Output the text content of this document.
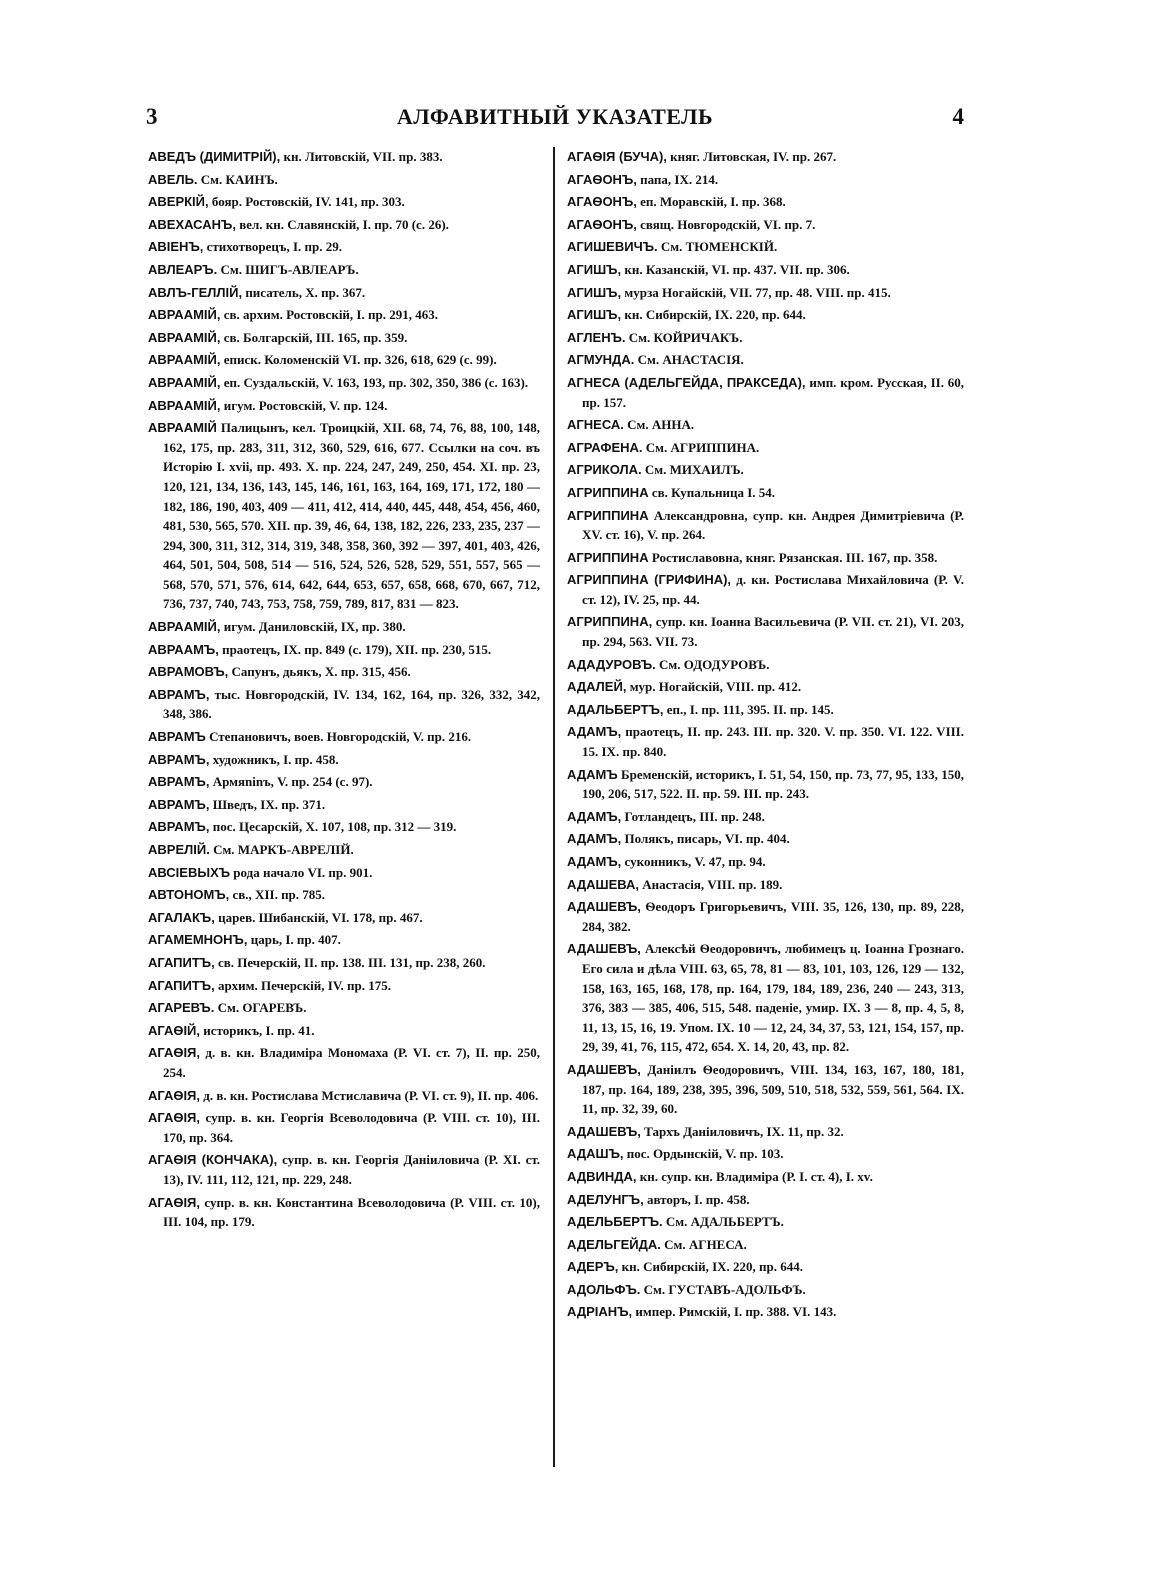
3	АЛФАВИТНЫЙ УКАЗАТЕЛЬ	4
АВЕДЪ (ДИМИТРІЙ), кн. Литовскій, VII. пр. 383.
АВЕЛЬ. См. КАИНЪ.
АВЕРКІЙ, бояр. Ростовскій, IV. 141, пр. 303.
АВЕХАСАНЪ, вел. кн. Славянскій, I. пр. 70 (с. 26).
АВІЕНЪ, стихотворецъ, I. пр. 29.
АВЛЕАРЪ. См. ШИГЪ-АВЛЕАРЪ.
АВЛЪ-ГЕЛЛІЙ, писатель, X. пр. 367.
АВРААМІЙ, св. архим. Ростовскій, I. пр. 291, 463.
АВРААМІЙ, св. Болгарскій, III. 165, пр. 359.
АВРААМІЙ, епиcк. Коломенскій VI. пр. 326, 618, 629 (с. 99).
АВРААМІЙ, еп. Суздальскій, V. 163, 193, пр. 302, 350, 386 (с. 163).
АВРААМІЙ, игум. Ростовскій, V. пр. 124.
АВРААМІЙ Палицынъ, кел. Троицкій, XII. 68, 74, 76, 88, 100, 148, 162, 175, пр. 283, 311, 312, 360, 529, 616, 677. Ссылки на соч. въ Исторію I. xvii, пр. 493. X. пр. 224, 247, 249, 250, 454. XI. пр. 23, 120, 121, 134, 136, 143, 145, 146, 161, 163, 164, 169, 171, 172, 180 — 182, 186, 190, 403, 409 — 411, 412, 414, 440, 445, 448, 454, 456, 460, 481, 530, 565, 570. XII. пр. 39, 46, 64, 138, 182, 226, 233, 235, 237 — 294, 300, 311, 312, 314, 319, 348, 358, 360, 392 — 397, 401, 403, 426, 464, 501, 504, 508, 514 — 516, 524, 526, 528, 529, 551, 557, 565 — 568, 570, 571, 576, 614, 642, 644, 653, 657, 658, 668, 670, 667, 712, 736, 737, 740, 743, 753, 758, 759, 789, 817, 831 — 823.
АВРААМІЙ, игум. Даниловскій, IX, пр. 380.
АВРААМЪ, праотецъ, IX. пр. 849 (с. 179), XII. пр. 230, 515.
АВРАМОВЪ, Сапунъ, дьякъ, X. пр. 315, 456.
АВРАМЪ, тыс. Новгородскій, IV. 134, 162, 164, пр. 326, 332, 342, 348, 386.
АВРАМЪ Степановичъ, воев. Новгородскій, V. пр. 216.
АВРАМЪ, художникъ, I. пр. 458.
АВРАМЪ, Армяninъ, V. пр. 254 (с. 97).
АВРАМЪ, Шведъ, IX. пр. 371.
АВРАМЪ, пос. Цесарскій, X. 107, 108, пр. 312 — 319.
АВРЕЛІЙ. См. МАРКЪ-АВРЕЛІЙ.
АВСІЕВЫХЪ рода начало VI. пр. 901.
АВТОНОМЪ, св., XII. пр. 785.
АГАЛАКЪ, царев. Шибанскій, VI. 178, пр. 467.
АГАМЕМНОНЪ, царь, I. пр. 407.
АГАПИТЪ, св. Печерскій, II. пр. 138. III. 131, пр. 238, 260.
АГАПИТЪ, архим. Печерскій, IV. пр. 175.
АГАРЕВЪ. См. ОГАРЕВЪ.
АГАѲІЙ, историкъ, I. пр. 41.
АГАѲІЯ, д. в. кн. Владиміра Мономаха (Р. VI. ст. 7), II. пр. 250, 254.
АГАѲІЯ, д. в. кн. Ростислава Мстиславича (Р. VI. ст. 9), II. пр. 406.
АГАѲІЯ, супр. в. кн. Георгія Всеволодовича (Р. VIII. ст. 10), III. 170, пр. 364.
АГАѲІЯ (КОНЧАКА), супр. в. кн. Георгія Даніиловича (Р. XI. ст. 13), IV. 111, 112, 121, пр. 229, 248.
АГАѲІЯ, супр. в. кн. Константина Всеволодовича (Р. VIII. ст. 10), III. 104, пр. 179.
АГАѲІЯ (БУЧА), княг. Литовская, IV. пр. 267.
АГАѲОНЪ, папа, IX. 214.
АГАѲОНЪ, еп. Моравскій, I. пр. 368.
АГАѲОНЪ, свящ. Новгородскій, VI. пр. 7.
АГИШЕВИЧЪ. См. ТЮМЕНСКІЙ.
АГИШЪ, кн. Казанскій, VI. пр. 437. VII. пр. 306.
АГИШЪ, мурза Ногайскій, VII. 77, пр. 48. VIII. пр. 415.
АГИШЪ, кн. Сибирскій, IX. 220, пр. 644.
АГЛЕНЪ. См. КОЙРИЧАКЪ.
АГМУНДА. См. АНАСТАСІЯ.
АГНЕСА (АДЕЛЬГЕЙДА, ПРАКСЕДА), имп. кром. Русская, II. 60, пр. 157.
АГНЕСА. См. АННА.
АГРАФЕНА. См. АГРИППИНА.
АГРИКОЛА. См. МИХАИЛЪ.
АГРИППИНА св. Купальница I. 54.
АГРИППИНА Александровна, супр. кн. Андрея Димитріевича (Р. XV. ст. 16), V. пр. 264.
АГРИППИНА Ростиславовна, княг. Рязанская. III. 167, пр. 358.
АГРИППИНА (ГРИФИНА), д. кн. Ростислава Михайловича (Р. V. ст. 12), IV. 25, пр. 44.
АГРИППИНА, супр. кн. Іоанна Васильевича (Р. VII. ст. 21), VI. 203, пр. 294, 563. VII. 73.
АДАДУРОВЪ. См. ОДОДУРОВЪ.
АДАЛЕЙ, мур. Ногайскій, VIII. пр. 412.
АДАЛЬБЕРТЪ, еп., I. пр. 111, 395. II. пр. 145.
АДАМЪ, праотецъ, II. пр. 243. III. пр. 320. V. пр. 350. VI. 122. VIII. 15. IX. пр. 840.
АДАМЪ Бременскій, историкъ, I. 51, 54, 150, пр. 73, 77, 95, 133, 150, 190, 206, 517, 522. II. пр. 59. III. пр. 243.
АДАМЪ, Готландецъ, III. пр. 248.
АДАМЪ, Полякъ, писарь, VI. пр. 404.
АДАМЪ, суконникъ, V. 47, пр. 94.
АДАШЕВА, Анастасія, VIII. пр. 189.
АДАШЕВЪ, Ѳеодоръ Григорьевичъ, VIII. 35, 126, 130, пр. 89, 228, 284, 382.
АДАШЕВЪ, Алексѣй Ѳеодоровичъ, любимецъ ц. Іоанна Грознаго. Его сила и дѣла VIII. 63, 65, 78, 81 — 83, 101, 103, 126, 129 — 132, 158, 163, 165, 168, 178, пр. 164, 179, 184, 189, 236, 240 — 243, 313, 376, 383 — 385, 406, 515, 548. паденіе, умир. IX. 3 — 8, пр. 4, 5, 8, 11, 13, 15, 16, 19. Упом. IX. 10 — 12, 24, 34, 37, 53, 121, 154, 157, пр. 29, 39, 41, 76, 115, 472, 654. X. 14, 20, 43, пр. 82.
АДАШЕВЪ, Даніилъ Ѳеодоровичъ, VIII. 134, 163, 167, 180, 181, 187, пр. 164, 189, 238, 395, 396, 509, 510, 518, 532, 559, 561, 564. IX. 11, пр. 32, 39, 60.
АДАШЕВЪ, Тархъ Даніиловичъ, IX. 11, пр. 32.
АДАШЪ, пос. Ордынскій, V. пр. 103.
АДВИНДА, кн. супр. кн. Владиміра (Р. I. ст. 4), I. xv.
АДЕЛУНГЪ, авторъ, I. пр. 458.
АДЕЛЬБЕРТЪ. См. АДАЛЬБЕРТЪ.
АДЕЛЬГЕЙДА. См. АГНЕСА.
АДЕРЪ, кн. Сибирскій, IX. 220, пр. 644.
АДОЛЬФЪ. См. ГУСТАВЪ-АДОЛЬФЪ.
АДРІАНЪ, импер. Римскій, I. пр. 388. VI. 143.
